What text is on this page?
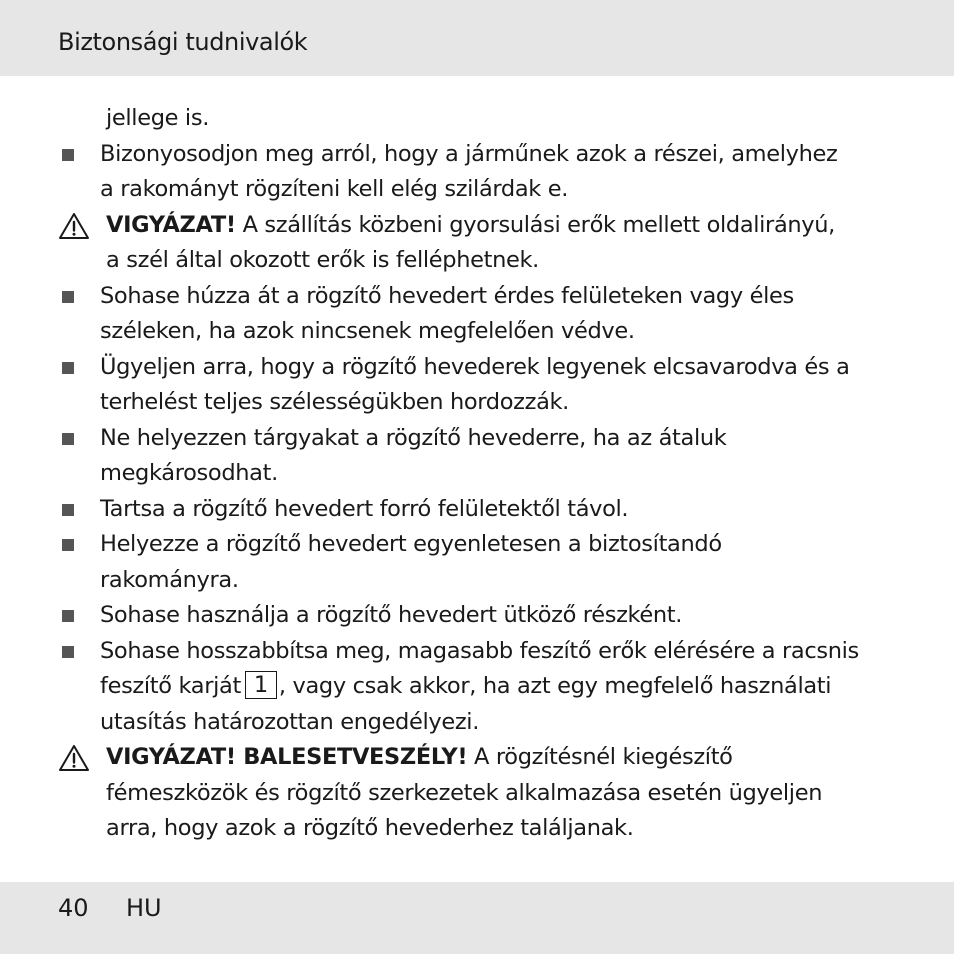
Biztonsági tudnivalók
jellege is.
Bizonyosodjon meg arról, hogy a járműnek azok a részei, amelyhez
a rakományt rögzíteni kell elég szilárdak e.
VIGYÁZAT! A szállítás közbeni gyorsulási erők mellett oldalirányú,
a szél által okozott erők is felléphetnek.
Sohase húzza át a rögzítő hevedert érdes felületeken vagy éles
széleken, ha azok nincsenek megfelelően védve.
Ügyeljen arra, hogy a rögzítő hevederek legyenek elcsavarodva és a
terhelést teljes szélességükben hordozzák.
Ne helyezzen tárgyakat a rögzítő hevederre, ha az átaluk
megkárosodhat.
Tartsa a rögzítő hevedert forró felületektől távol.
Helyezze a rögzítő hevedert egyenletesen a biztosítandó
rakományra.
Sohase használja a rögzítő hevedert ütköző részként.
Sohase hosszabbítsa meg, magasabb feszítő erők elérésére a racsnis
feszítő karját 1 , vagy csak akkor, ha azt egy megfelelő használati
utasítás határozottan engedélyezi.
VIGYÁZAT! BALESETVESZÉLY! A rögzítésnél kiegészítő
fémeszközök és rögzítő szerkezetek alkalmazása esetén ügyeljen
arra, hogy azok a rögzítő hevederhez találjanak.
40 HU
